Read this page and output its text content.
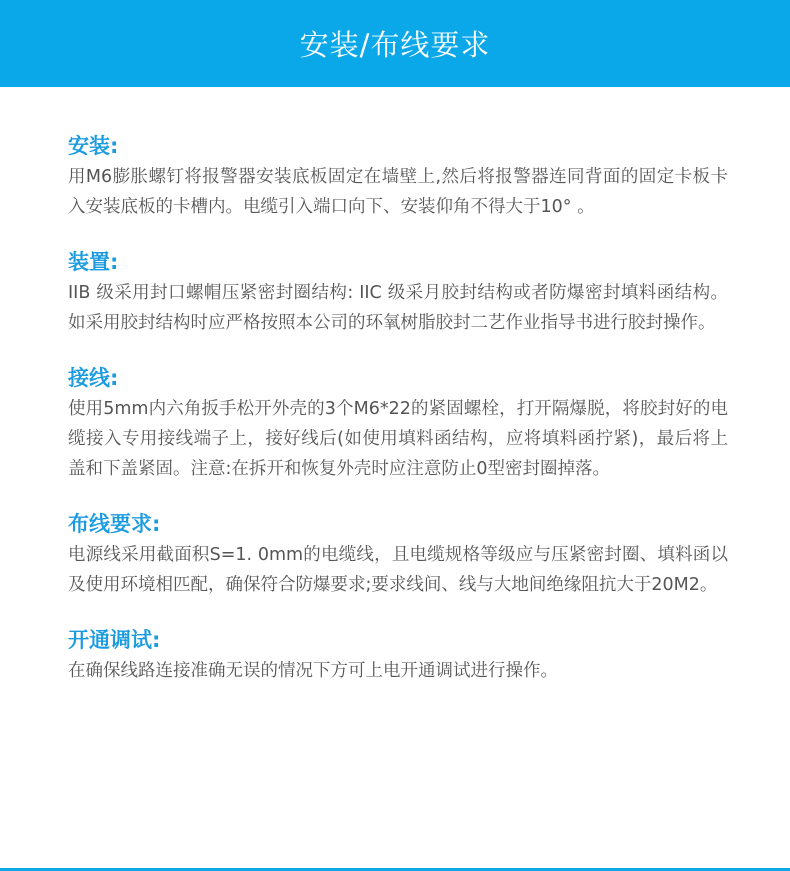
安装/布线要求
安装:

用M6膨胀螺钉将报警器安装底板固定在墙壁上,然后将报警器连同背面的固定卡板卡入安装底板的卡槽内。电缆引入端口向下、安装仰角不得大于10° 。

装置:

IIB 级采用封口螺帽压紧密封圈结构: IIC 级采月胶封结构或者防爆密封填料函结构。如采用胶封结构时应严格按照本公司的环氧树脂胶封二艺作业指导书进行胶封操作。

接线:

使用5mm内六角扳手松开外壳的3个M6*22的紧固螺栓，打开隔爆脱，将胶封好的电缆接入专用接线端子上，接好线后(如使用填料函结构，应将填料函拧紧)，最后将上盖和下盖紧固。注意:在拆开和恢复外壳时应注意防止0型密封圈掉落。

布线要求:

电源线采用截面积S=1. 0mm的电缆线，且电缆规格等级应与压紧密封圈、填料函以及使用环境相匹配，确保符合防爆要求;要求线间、线与大地间绝缘阻抗大于20M2。

开通调试:

在确保线路连接准确无误的情况下方可上电开通调试进行操作。
